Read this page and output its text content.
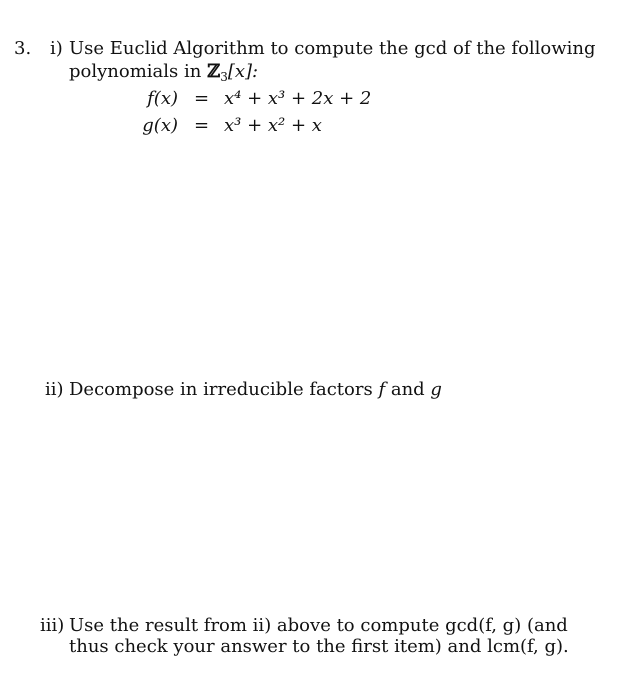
3. i) Use Euclid Algorithm to compute the gcd of the following
polynomials in ℤ$_3$[x]:
f(x) = x⁴ + x³ + 2x + 2
g(x) = x³ + x² + x
ii) Decompose in irreducible factors f and g
iii) Use the result from ii) above to compute gcd(f, g) (and
thus check your answer to the first item) and lcm(f, g).
